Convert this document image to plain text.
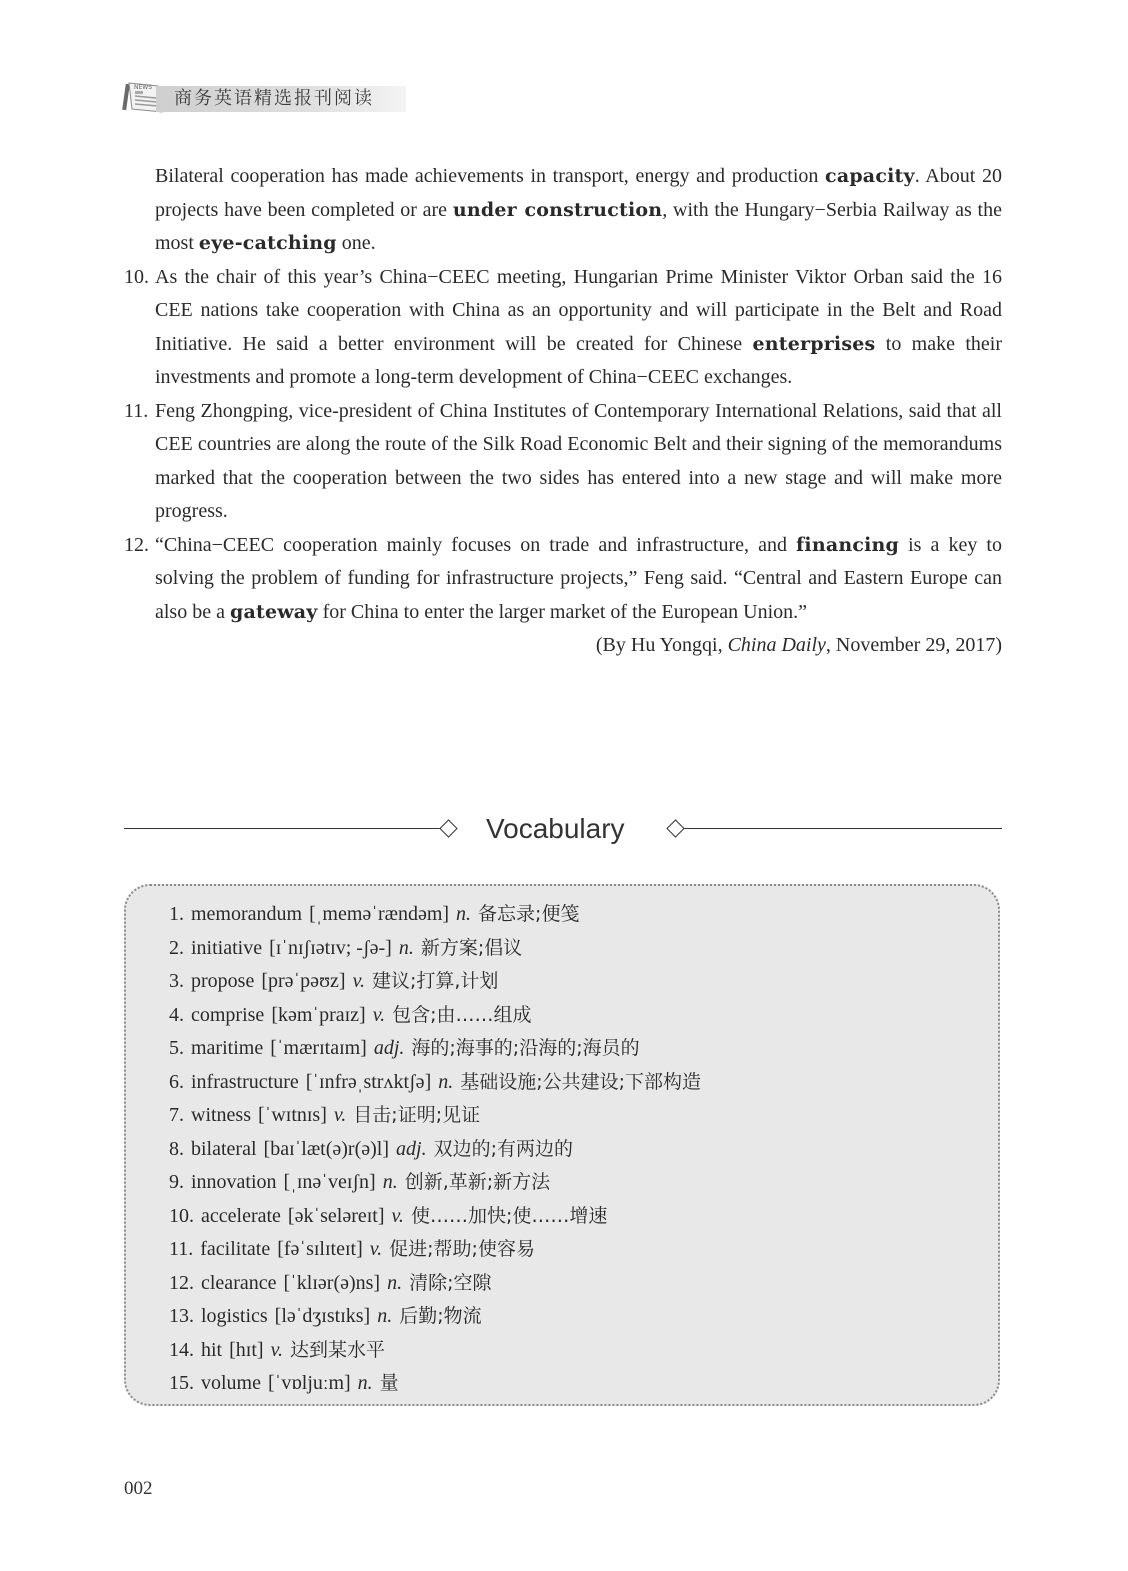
NEWS
商务英语精选报刊阅读
Bilateral cooperation has made achievements in transport, energy and production capacity. About 20 projects have been completed or are under construction, with the Hungary−Serbia Railway as the most eye-catching one.
10. As the chair of this year’s China−CEEC meeting, Hungarian Prime Minister Viktor Orban said the 16 CEE nations take cooperation with China as an opportunity and will participate in the Belt and Road Initiative. He said a better environment will be created for Chinese enterprises to make their investments and promote a long-term development of China−CEEC exchanges.
11. Feng Zhongping, vice-president of China Institutes of Contemporary International Relations, said that all CEE countries are along the route of the Silk Road Economic Belt and their signing of the memorandums marked that the cooperation between the two sides has entered into a new stage and will make more progress.
12. “China−CEEC cooperation mainly focuses on trade and infrastructure, and financing is a key to solving the problem of funding for infrastructure projects,” Feng said. “Central and Eastern Europe can also be a gateway for China to enter the larger market of the European Union.”
(By Hu Yongqi, China Daily, November 29, 2017)
Vocabulary
1. memorandum [ˌmeməˈrændəm] n. 备忘录;便笺
2. initiative [ɪˈnɪʃɪətɪv; -ʃə-] n. 新方案;倡议
3. propose [prəˈpəʊz] v. 建议;打算,计划
4. comprise [kəmˈpraɪz] v. 包含;由……组成
5. maritime [ˈmærɪtaɪm] adj. 海的;海事的;沿海的;海员的
6. infrastructure [ˈɪnfrəˌstrʌktʃə] n. 基础设施;公共建设;下部构造
7. witness [ˈwɪtnɪs] v. 目击;证明;见证
8. bilateral [baɪˈlæt(ə)r(ə)l] adj. 双边的;有两边的
9. innovation [ˌɪnəˈveɪʃn] n. 创新,革新;新方法
10. accelerate [əkˈseləreɪt] v. 使……加快;使……增速
11. facilitate [fəˈsɪlɪteɪt] v. 促进;帮助;使容易
12. clearance [ˈklɪər(ə)ns] n. 清除;空隙
13. logistics [ləˈdʒɪstɪks] n. 后勤;物流
14. hit [hɪt] v. 达到某水平
15. volume [ˈvɒljuːm] n. 量
002
